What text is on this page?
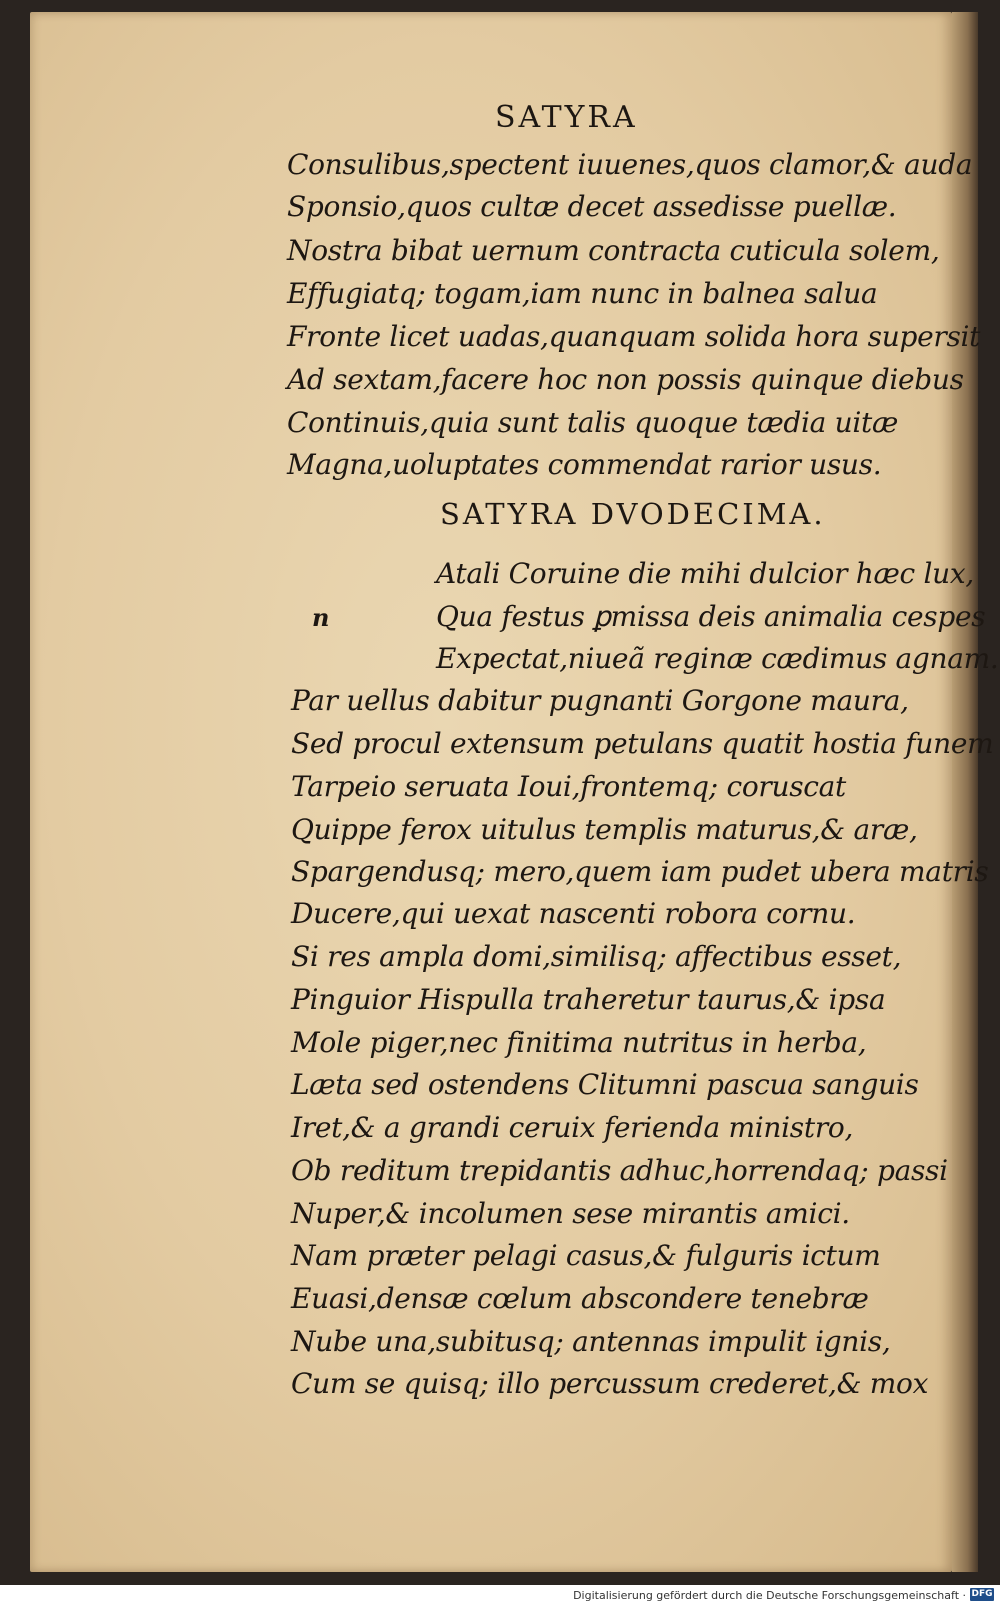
SATYRA
Consulibus,spectent iuuenes,quos clamor,& auda
Sponsio,quos cultæ decet assedisse puellæ.
Nostra bibat uernum contracta cuticula solem,
Effugiatq; togam,iam nunc in balnea salua
Fronte licet uadas,quanquam solida hora supersit
Ad sextam,facere hoc non possis quinque diebus
Continuis,quia sunt talis quoque tædia uitæ
Magna,uoluptates commendat rarior usus.
SATYRA DVODECIMA.
Atali Coruine die mihi dulcior hæc lux,
Qua festus ꝑmissa deis animalia cespes
Expectat,niueã reginæ cædimus agnam.
n
Par uellus dabitur pugnanti Gorgone maura,
Sed procul extensum petulans quatit hostia funem
Tarpeio seruata Ioui,frontemq; coruscat
Quippe ferox uitulus templis maturus,& aræ,
Spargendusq; mero,quem iam pudet ubera matris
Ducere,qui uexat nascenti robora cornu.
Si res ampla domi,similisq; affectibus esset,
Pinguior Hispulla traheretur taurus,& ipsa
Mole piger,nec finitima nutritus in herba,
Læta sed ostendens Clitumni pascua sanguis
Iret,& a grandi ceruix ferienda ministro,
Ob reditum trepidantis adhuc,horrendaq; passi
Nuper,& incolumen sese mirantis amici.
Nam præter pelagi casus,& fulguris ictum
Euasi,densæ cœlum abscondere tenebræ
Nube una,subitusq; antennas impulit ignis,
Cum se quisq; illo percussum crederet,& mox
Digitalisierung gefördert durch die Deutsche Forschungsgemeinschaft · DFG
